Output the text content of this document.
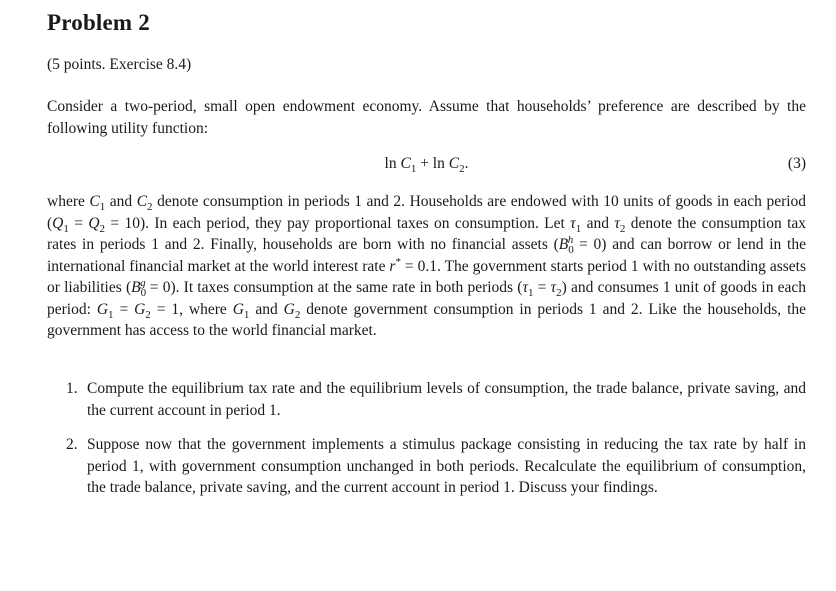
Problem 2
(5 points. Exercise 8.4)
Consider a two-period, small open endowment economy. Assume that households’ preference are described by the following utility function:
$\ln C_1 + \ln C_2$.	(3)
where $C_1$ and $C_2$ denote consumption in periods 1 and 2. Households are endowed with 10 units of goods in each period $(Q_1 = Q_2 = 10)$. In each period, they pay proportional taxes on consumption. Let $\tau_1$ and $\tau_2$ denote the consumption tax rates in periods 1 and 2. Finally, households are born with no financial assets $(B_0^h = 0)$ and can borrow or lend in the international financial market at the world interest rate r* = 0.1. The government starts period 1 with no outstanding assets or liabilities $(B_0^g = 0)$. It taxes consumption at the same rate in both periods $(\tau_1 = \tau_2)$ and consumes 1 unit of goods in each period: $G_1 = G_2 = 1$, where $G_1$ and $G_2$ denote government consumption in periods 1 and 2. Like the households, the government has access to the world financial market.
1. Compute the equilibrium tax rate and the equilibrium levels of consumption, the trade balance, private saving, and the current account in period 1.
2. Suppose now that the government implements a stimulus package consisting in reducing the tax rate by half in period 1, with government consumption unchanged in both periods. Recalculate the equilibrium of consumption, the trade balance, private saving, and the current account in period 1. Discuss your findings.
